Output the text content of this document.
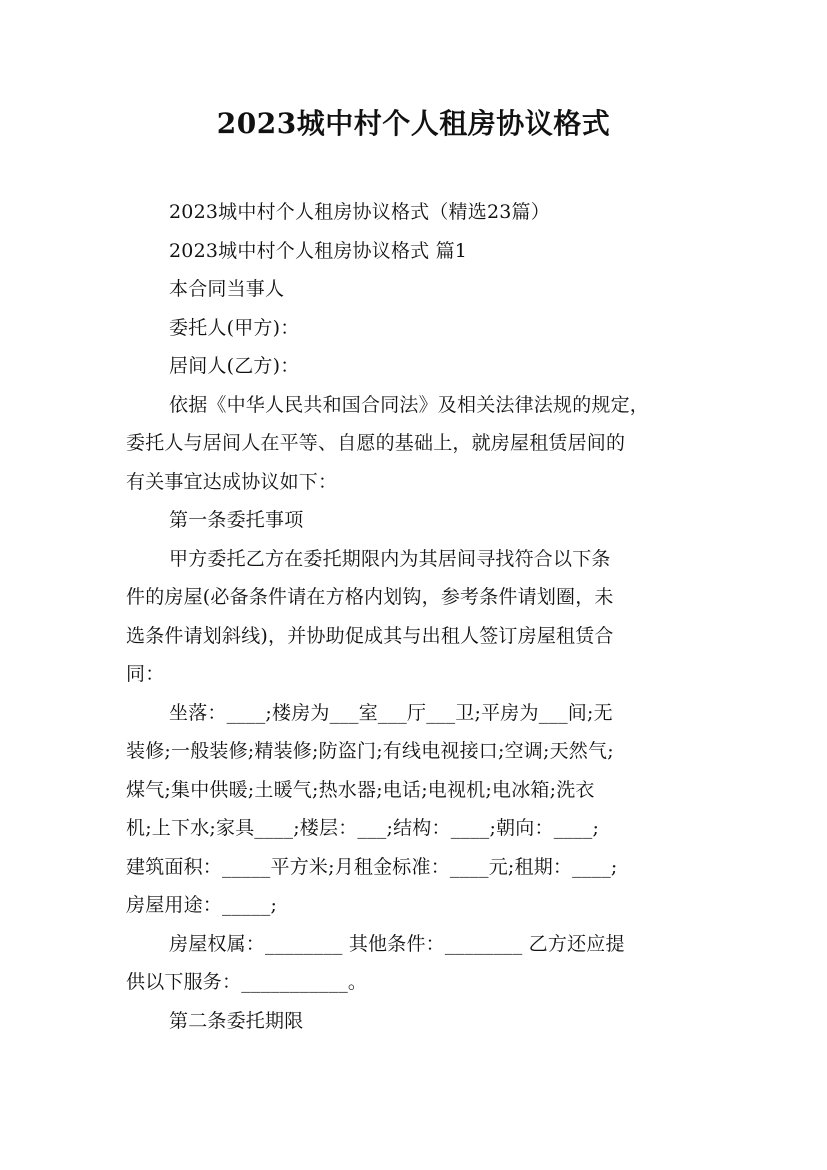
2023城中村个人租房协议格式
2023城中村个人租房协议格式（精选23篇）
2023城中村个人租房协议格式 篇1
本合同当事人
委托人(甲方)：
居间人(乙方)：
依据《中华人民共和国合同法》及相关法律法规的规定，
委托人与居间人在平等、自愿的基础上，就房屋租赁居间的
有关事宜达成协议如下：
第一条委托事项
甲方委托乙方在委托期限内为其居间寻找符合以下条
件的房屋(必备条件请在方格内划钩，参考条件请划圈，未
选条件请划斜线)，并协助促成其与出租人签订房屋租赁合
同：
坐落：____;楼房为___室___厅___卫;平房为___间;无
装修;一般装修;精装修;防盗门;有线电视接口;空调;天然气;
煤气;集中供暖;土暖气;热水器;电话;电视机;电冰箱;洗衣
机;上下水;家具____;楼层：___;结构：____;朝向：____;
建筑面积：_____平方米;月租金标准：____元;租期：____;
房屋用途：_____;
房屋权属：________ 其他条件：________ 乙方还应提
供以下服务：___________。
第二条委托期限
